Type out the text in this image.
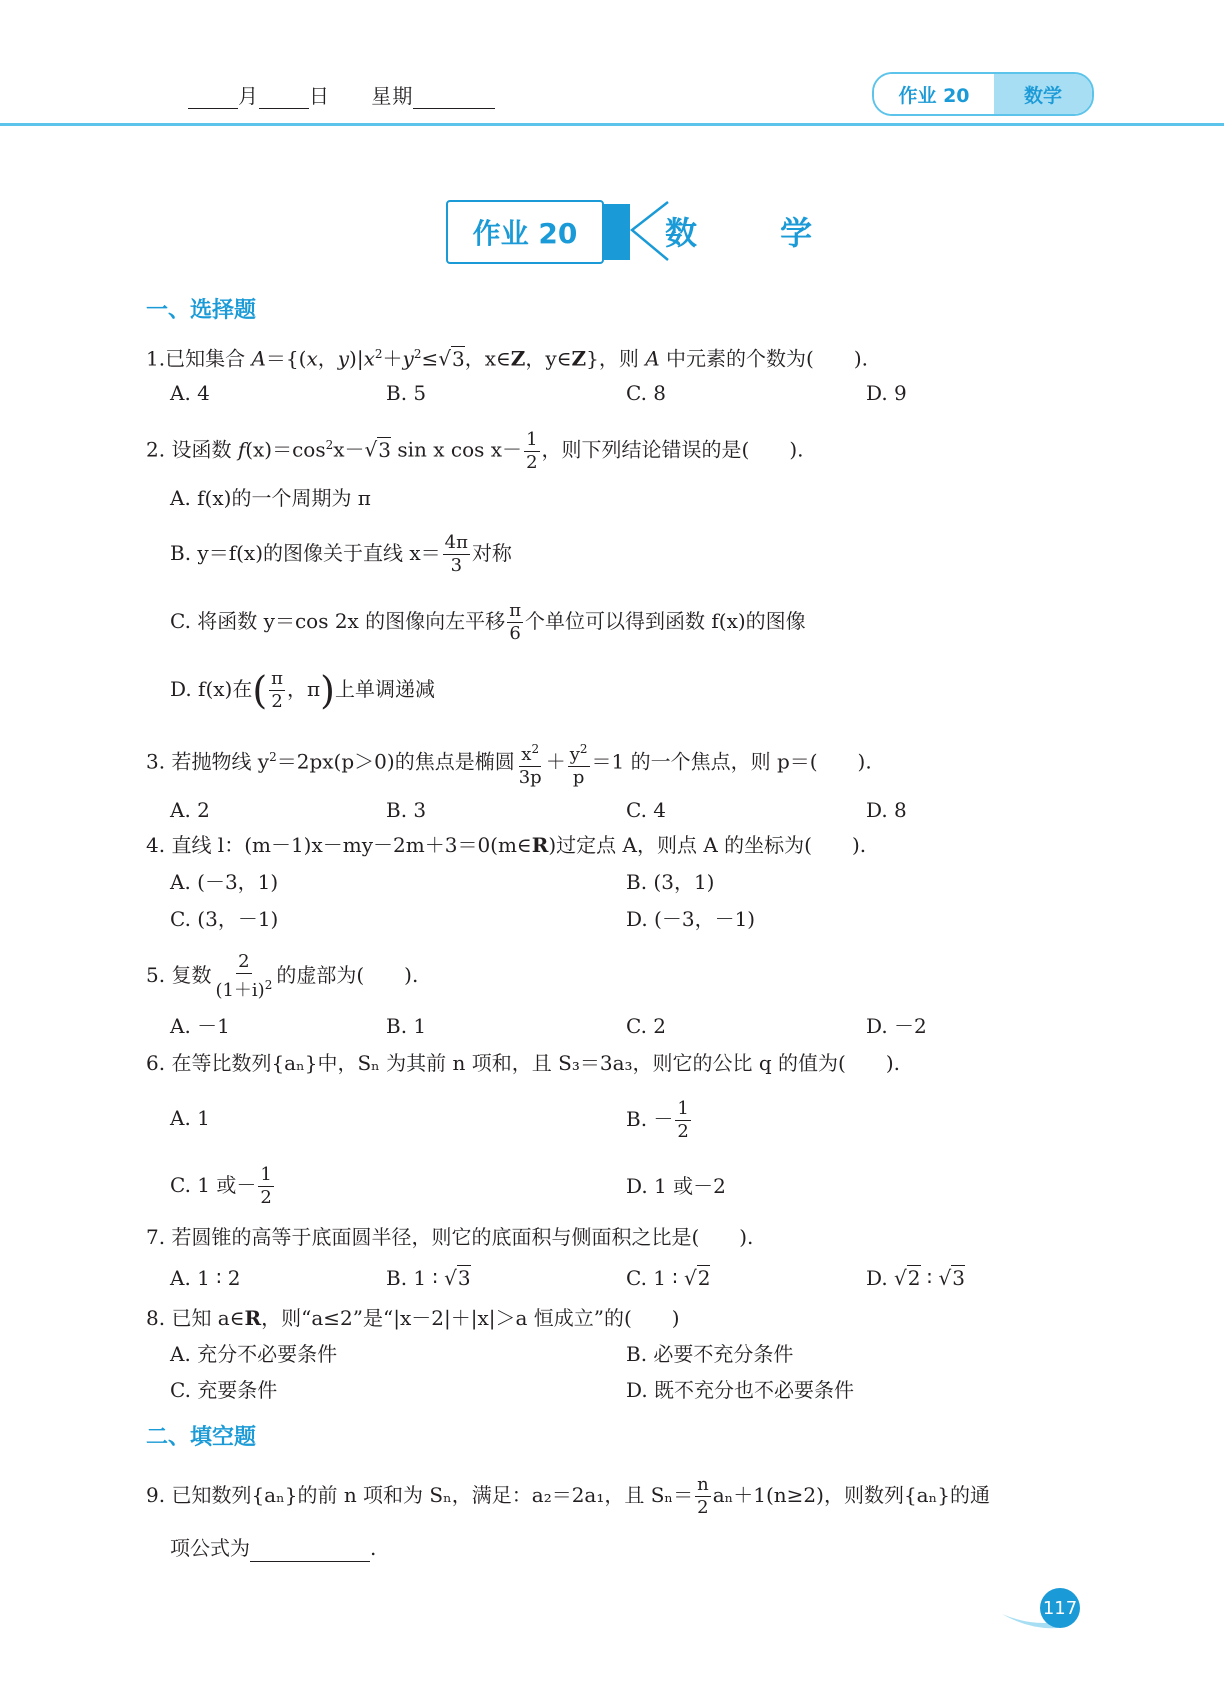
月	日 星期	作业 20	数学
作业 20	数 学
一、选择题
1.已知集合 A＝{(x，$y)|x^2+y^2\le√3$，x∈Z，y∈Z}，则 A 中元素的个数为(　　).
A. 4	B. 5	C. 8	D. 9
2. 设函数 $f(x)=\cos^2x-√3$ sin x $\cos x- \frac{1}{2}$ ，则下列结论错误的是(　　).
A. f(x)的一个周期为 π
B. y＝f(x)的图像关于直线 $x= \frac{4\pi}{3}$ 对称
C. 将函数 y＝cos 2x 的图像向左平移 $\frac{\pi}{6}$ 个单位可以得到函数 f(x)的图像
D. f(x)在( $\frac{\pi}{2}$ ，π)上单调递减
3. 若抛物线 $y^2=2px(p>0)$的焦点是椭圆 $\frac{x^2}{3p} + \frac{y^2}{p} =1$ 的一个焦点，则 p＝(　　).
A. 2	B. 3	C. 4	D. 8
4. 直线 l：(m－1)x－my－2m＋3＝0(m∈R)过定点 A，则点 A 的坐标为(　　).
A. (－3，1)	B. (3，1)
C. (3，－1)	D. (－3，－1)
5. 复数 $\frac{2}{(1+i)^2}$ 的虚部为(　　).
A. －1	B. 1	C. 2	D. －2
6. 在等比数列{aₙ}中，Sₙ 为其前 n 项和，且 S₃＝3a₃，则它的公比 q 的值为(　　).
A. 1	B. － $\frac{1}{2}$
C. 1 或－ $\frac{1}{2}$	D. 1 或－2
7. 若圆锥的高等于底面圆半径，则它的底面积与侧面积之比是(　　).
A. 1 ∶ 2	B. 1 ∶ √3	C. 1 ∶ √2	D. √2 ∶ √3
8. 已知 a∈R，则“a≤2”是“|x－2|＋|x|＞a 恒成立”的(　　)
A. 充分不必要条件	B. 必要不充分条件
C. 充要条件	D. 既不充分也不必要条件
二、填空题
9. 已知数列{aₙ}的前 n 项和为 Sₙ，满足：a₂＝2a₁，且 $S_n= \frac{n}{2} a_n+1(n\ge 2)$，则数列{aₙ}的通
项公式为	.
117
